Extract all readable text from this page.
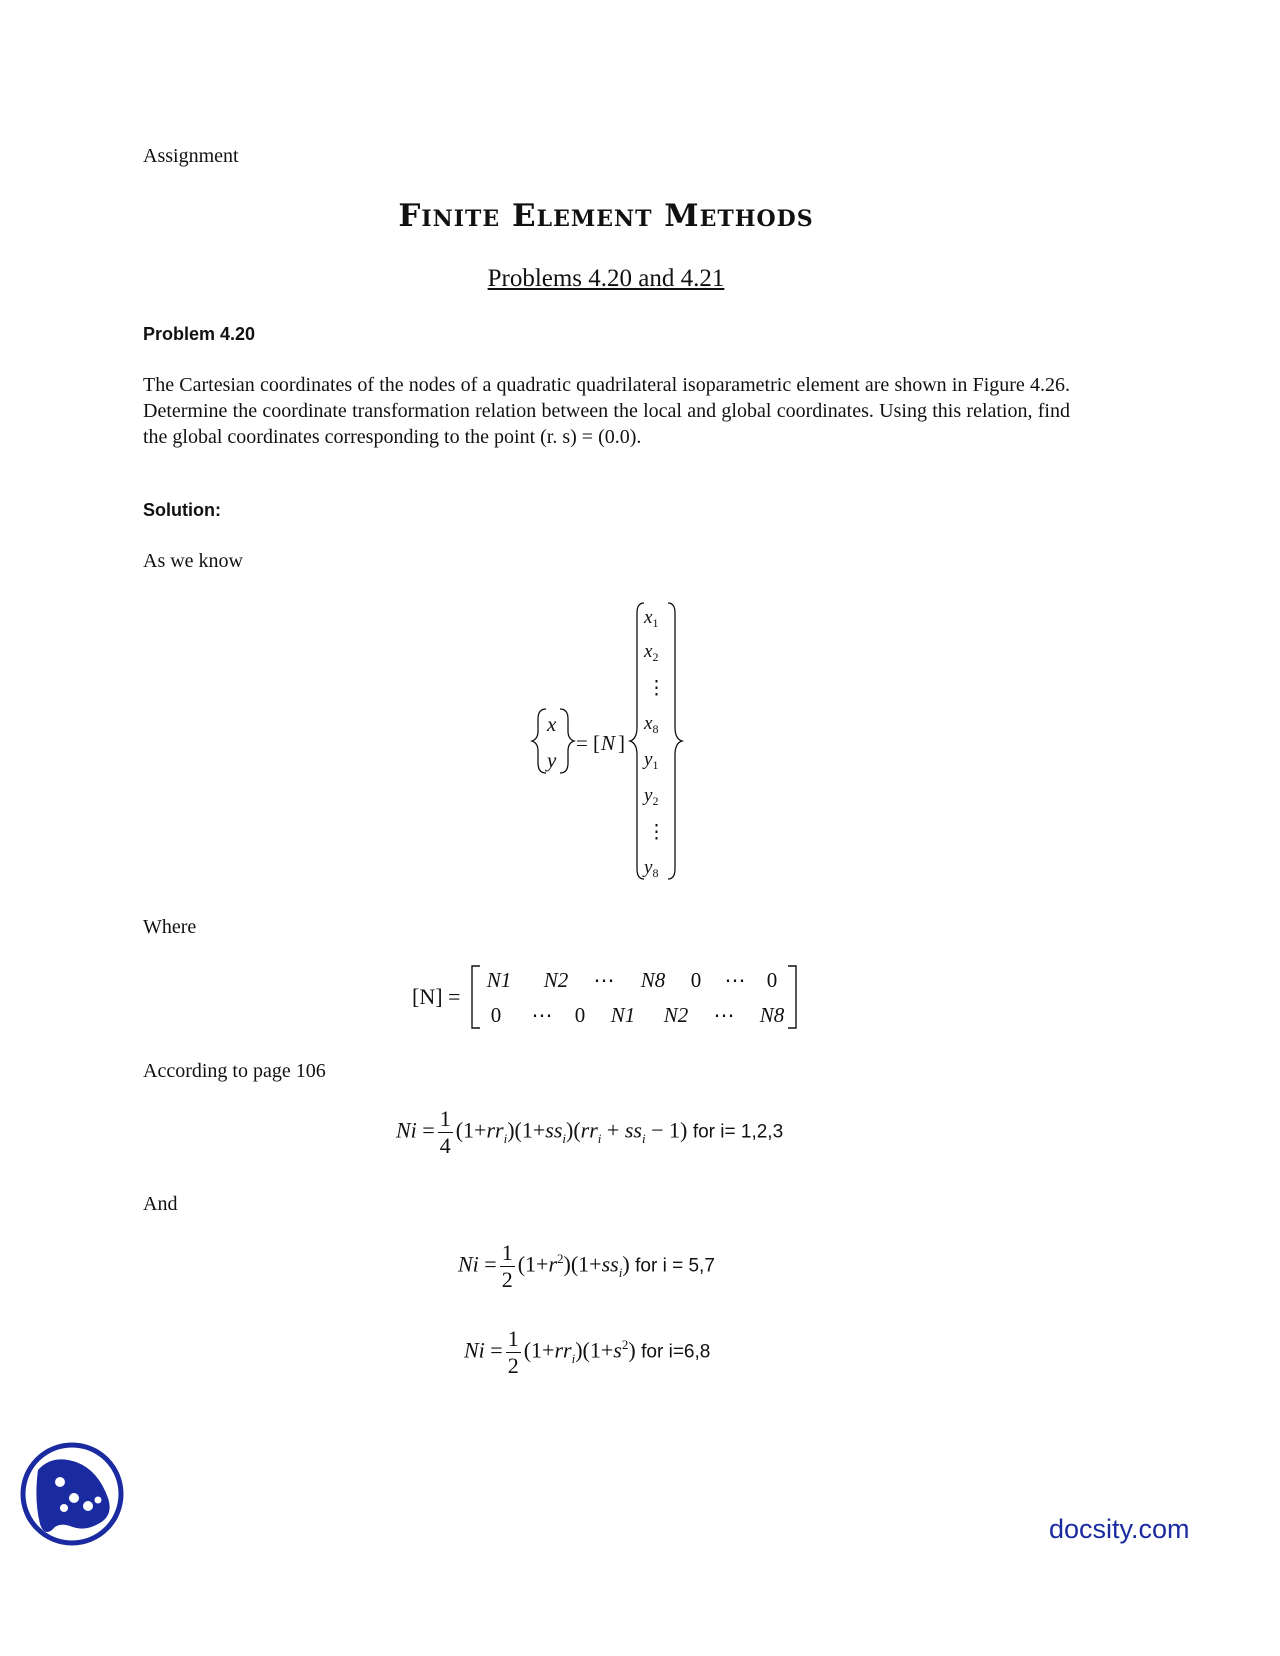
Assignment
Finite Element Methods
Problems 4.20 and 4.21
Problem 4.20
The Cartesian coordinates of the nodes of a quadratic quadrilateral isoparametric element are shown in Figure 4.26. Determine the coordinate transformation relation between the local and global coordinates. Using this relation, find the global coordinates corresponding to the point (r. s) = (0.0).
Solution:
As we know
x
y
= [ N ]
$x_1$
$x_2$
⋮
$x_8$
$y_1$
$y_2$
⋮
$y_8$
Where
[N] =
N1 N2 ⋯ N8 0 ⋯ 0
0 ⋯ 0 N1 N2 ⋯ N8
According to page 106
$Ni = \frac{1}{4} (1+rr_i)(1+ss_i)(rr_i + ss_i - 1)$ for i= 1,2,3
And
$Ni = \frac{1}{2} (1+r^2)(1+ss_i)$ for i = 5,7
$Ni = \frac{1}{2} (1+rr_i)(1+s^2)$ for i=6,8
docsity.com
